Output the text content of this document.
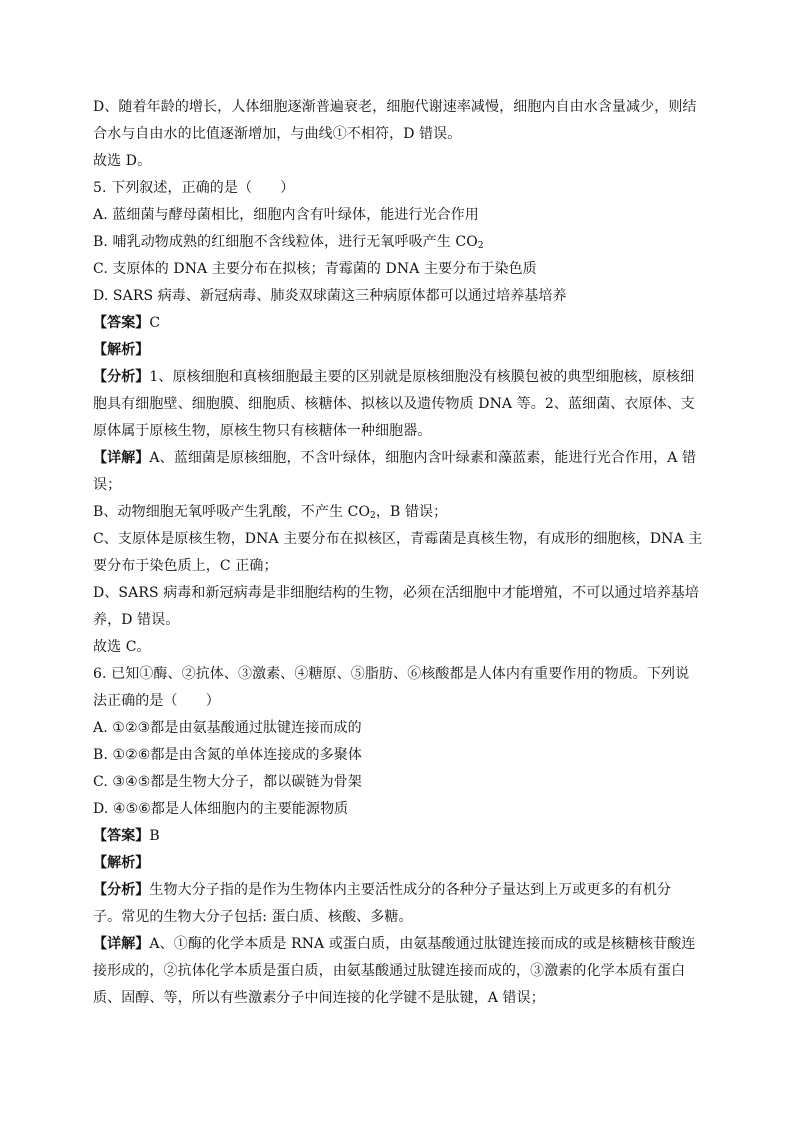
D、随着年龄的增长，人体细胞逐渐普遍衰老，细胞代谢速率减慢，细胞内自由水含量减少，则结
合水与自由水的比值逐渐增加，与曲线①不相符，D 错误。
故选 D。
5. 下列叙述，正确的是（　　）
A. 蓝细菌与酵母菌相比，细胞内含有叶绿体，能进行光合作用
B. 哺乳动物成熟的红细胞不含线粒体，进行无氧呼吸产生 $CO_2$
C. 支原体的 DNA 主要分布在拟核；青霉菌的 DNA 主要分布于染色质
D. SARS 病毒、新冠病毒、肺炎双球菌这三种病原体都可以通过培养基培养
【答案】C
【解析】
【分析】1、原核细胞和真核细胞最主要的区别就是原核细胞没有核膜包被的典型细胞核，原核细
胞具有细胞壁、细胞膜、细胞质、核糖体、拟核以及遗传物质 DNA 等。2、蓝细菌、衣原体、支
原体属于原核生物，原核生物只有核糖体一种细胞器。
【详解】A、蓝细菌是原核细胞，不含叶绿体，细胞内含叶绿素和藻蓝素，能进行光合作用，A 错
误；
B、动物细胞无氧呼吸产生乳酸，不产生 $CO_2$，B 错误；
C、支原体是原核生物，DNA 主要分布在拟核区，青霉菌是真核生物，有成形的细胞核，DNA 主
要分布于染色质上，C 正确；
D、SARS 病毒和新冠病毒是非细胞结构的生物，必须在活细胞中才能增殖，不可以通过培养基培
养，D 错误。
故选 C。
6. 已知①酶、②抗体、③激素、④糖原、⑤脂肪、⑥核酸都是人体内有重要作用的物质。下列说
法正确的是（　　）
A. ①②③都是由氨基酸通过肽键连接而成的
B. ①②⑥都是由含氮的单体连接成的多聚体
C. ③④⑤都是生物大分子，都以碳链为骨架
D. ④⑤⑥都是人体细胞内的主要能源物质
【答案】B
【解析】
【分析】生物大分子指的是作为生物体内主要活性成分的各种分子量达到上万或更多的有机分
子。常见的生物大分子包括: 蛋白质、核酸、多糖。
【详解】A、①酶的化学本质是 RNA 或蛋白质，由氨基酸通过肽键连接而成的或是核糖核苷酸连
接形成的，②抗体化学本质是蛋白质，由氨基酸通过肽键连接而成的，③激素的化学本质有蛋白
质、固醇、等，所以有些激素分子中间连接的化学键不是肽键，A 错误；
